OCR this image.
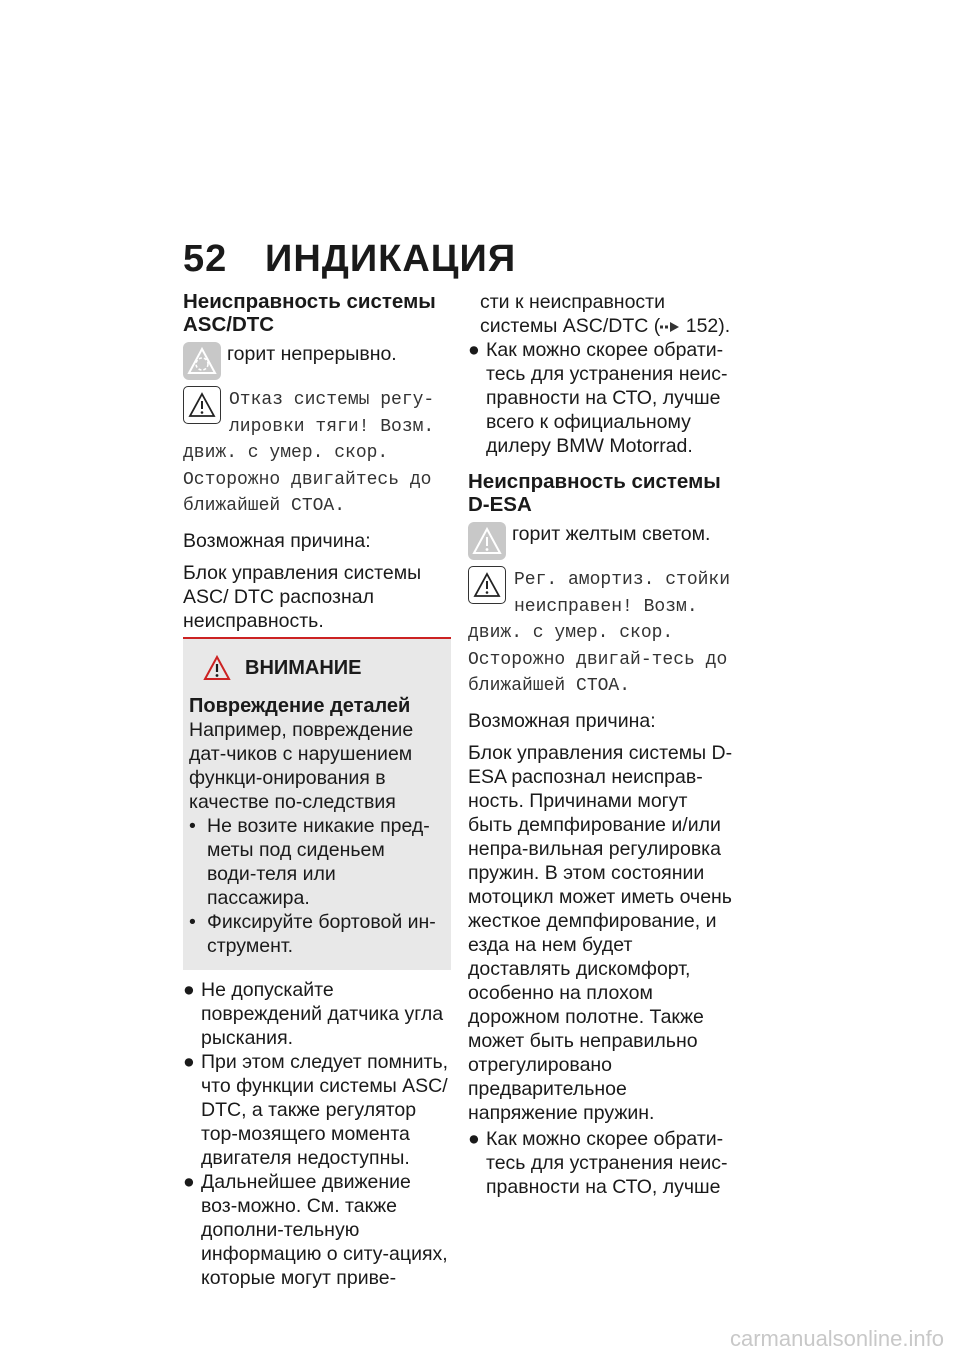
52 ИНДИКАЦИЯ
Неисправность системы ASC/DTC
горит непрерывно.
Отказ системы регу-лировки тяги! Возм. движ. с умер. скор. Осторожно двигайтесь до ближайшей СТОА.
Возможная причина:
Блок управления системы ASC/ DTC распознал неисправность.
ВНИМАНИЕ
Повреждение деталей
Например, повреждение дат-чиков с нарушением функци-онирования в качестве по-следствия
• Не возите никакие пред-меты под сиденьем води-теля или пассажира.
• Фиксируйте бортовой ин-струмент.
● Не допускайте повреждений датчика угла рыскания.
● При этом следует помнить, что функции системы ASC/ DTC, а также регулятор тор-мозящего момента двигателя недоступны.
● Дальнейшее движение воз-можно. См. также дополни-тельную информацию о ситу-ациях, которые могут приве-
сти к неисправности системы ASC/DTC ( 152).
● Как можно скорее обрати-тесь для устранения неис-правности на СТО, лучше всего к официальному дилеру BMW Motorrad.
Неисправность системы D-ESA
горит желтым светом.
Рег. амортиз. стойки неисправен! Возм. движ. с умер. скор. Осторожно двигай-тесь до ближайшей СТОА.
Возможная причина:
Блок управления системы D-ESA распознал неисправ-ность. Причинами могут быть демпфирование и/или непра-вильная регулировка пружин. В этом состоянии мотоцикл может иметь очень жесткое демпфирование, и езда на нем будет доставлять дискомфорт, особенно на плохом дорожном полотне. Также может быть неправильно отрегулировано предварительное напряжение пружин.
● Как можно скорее обрати-тесь для устранения неис-правности на СТО, лучше
carmanualsonline.info
